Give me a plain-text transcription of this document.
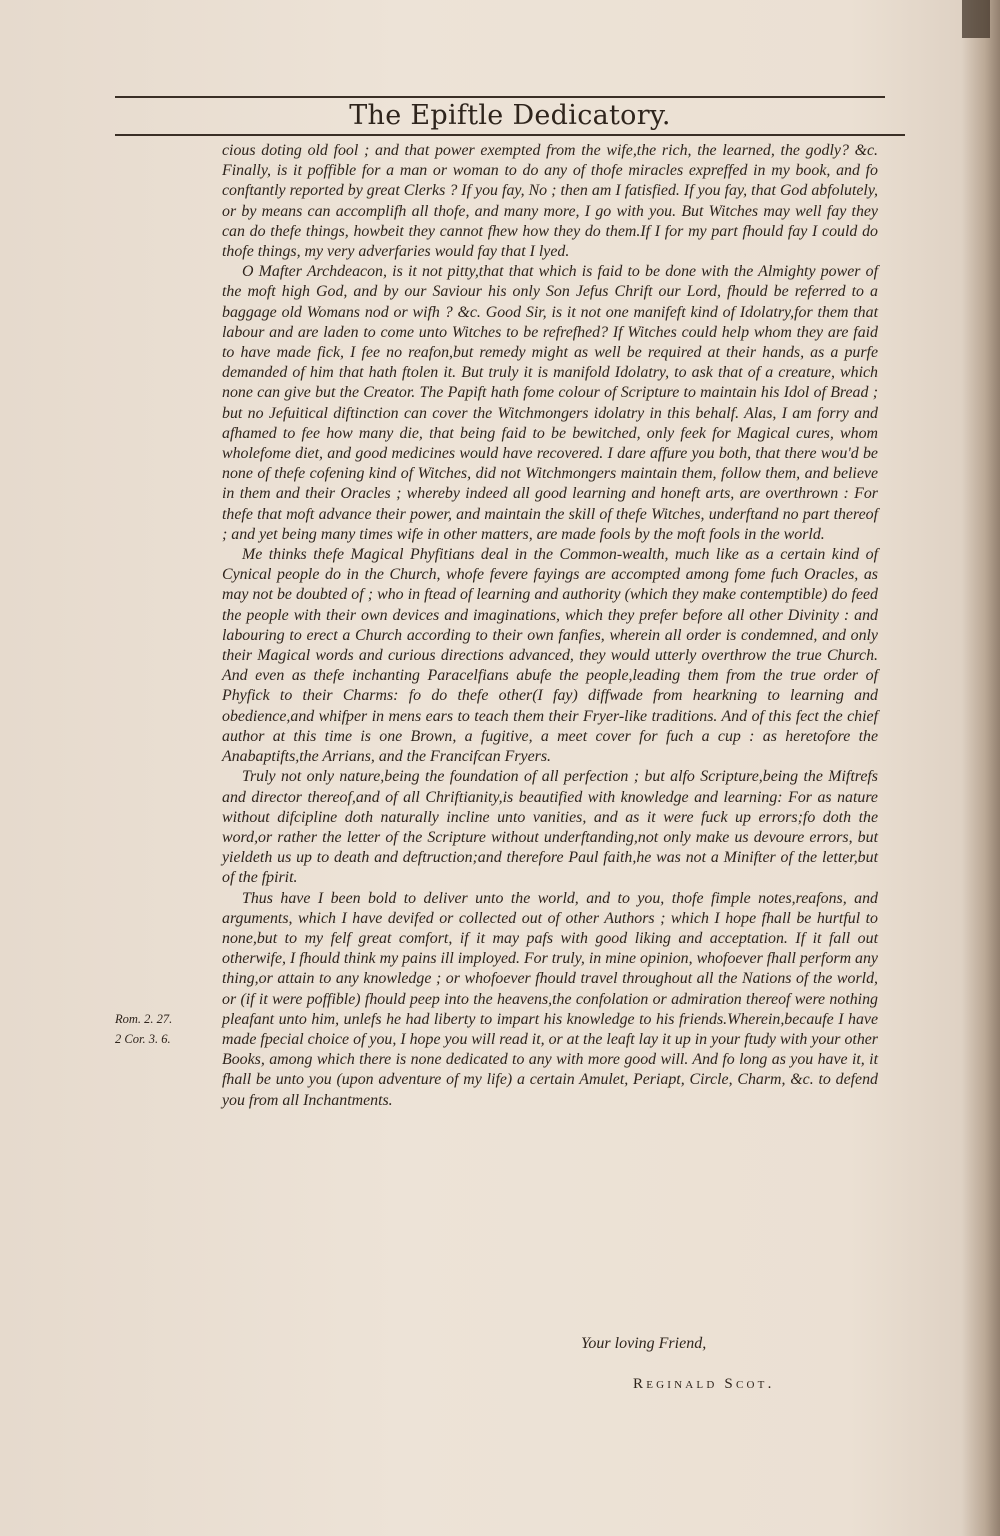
The Epiftle Dedicatory.
Rom. 2. 27.
2 Cor. 3. 6.

cious doting old fool ; and that power exempted from the wife,the rich, the learned, the godly? &c. Finally, is it poffible for a man or woman to do any of thofe miracles expreffed in my book, and fo conftantly reported by great Clerks ? If you fay, No ; then am I fatisfied. If you fay, that God abfolutely, or by means can accomplifh all thofe, and many more, I go with you. But Witches may well fay they can do thefe things, howbeit they cannot fhew how they do them.If I for my part fhould fay I could do thofe things, my very adverfaries would fay that I lyed.

O Mafter Archdeacon, is it not pitty,that that which is faid to be done with the Almighty power of the moft high God, and by our Saviour his only Son Jefus Chrift our Lord, fhould be referred to a baggage old Womans nod or wifh ? &c. Good Sir, is it not one manifeft kind of Idolatry,for them that labour and are laden to come unto Witches to be refrefhed? If Witches could help whom they are faid to have made fick, I fee no reafon,but remedy might as well be required at their hands, as a purfe demanded of him that hath ftolen it. But truly it is manifold Idolatry, to ask that of a creature, which none can give but the Creator. The Papift hath fome colour of Scripture to maintain his Idol of Bread ; but no Jefuitical diftinction can cover the Witchmongers idolatry in this behalf. Alas, I am forry and afhamed to fee how many die, that being faid to be bewitched, only feek for Magical cures, whom wholefome diet, and good medicines would have recovered. I dare affure you both, that there wou'd be none of thefe cofening kind of Witches, did not Witchmongers maintain them, follow them, and believe in them and their Oracles ; whereby indeed all good learning and honeft arts, are overthrown : For thefe that moft advance their power, and maintain the skill of thefe Witches, underftand no part thereof ; and yet being many times wife in other matters, are made fools by the moft fools in the world.

Me thinks thefe Magical Phyfitians deal in the Common-wealth, much like as a certain kind of Cynical people do in the Church, whofe fevere fayings are accompted among fome fuch Oracles, as may not be doubted of ; who in ftead of learning and authority (which they make contemptible) do feed the people with their own devices and imaginations, which they prefer before all other Divinity : and labouring to erect a Church according to their own fanfies, wherein all order is condemned, and only their Magical words and curious directions advanced, they would utterly overthrow the true Church. And even as thefe inchanting Paracelfians abufe the people,leading them from the true order of Phyfick to their Charms: fo do thefe other(I fay) diffwade from hearkning to learning and obedience,and whifper in mens ears to teach them their Fryer-like traditions. And of this fect the chief author at this time is one Brown, a fugitive, a meet cover for fuch a cup : as heretofore the Anabaptifts,the Arrians, and the Francifcan Fryers.

Truly not only nature,being the foundation of all perfection ; but alfo Scripture,being the Miftrefs and director thereof,and of all Chriftianity,is beautified with knowledge and learning: For as nature without difcipline doth naturally incline unto vanities, and as it were fuck up errors;fo doth the word,or rather the letter of the Scripture without underftanding,not only make us devoure errors, but yieldeth us up to death and deftruction;and therefore Paul faith,he was not a Minifter of the letter,but of the fpirit.

Thus have I been bold to deliver unto the world, and to you, thofe fimple notes,reafons, and arguments, which I have devifed or collected out of other Authors ; which I hope fhall be hurtful to none,but to my felf great comfort, if it may pafs with good liking and acceptation. If it fall out otherwife, I fhould think my pains ill imployed. For truly, in mine opinion, whofoever fhall perform any thing,or attain to any knowledge ; or whofoever fhould travel throughout all the Nations of the world, or (if it were poffible) fhould peep into the heavens,the confolation or admiration thereof were nothing pleafant unto him, unlefs he had liberty to impart his knowledge to his friends.Wherein,becaufe I have made fpecial choice of you, I hope you will read it, or at the leaft lay it up in your ftudy with your other Books, among which there is none dedicated to any with more good will. And fo long as you have it, it fhall be unto you (upon adventure of my life) a certain Amulet, Periapt, Circle, Charm, &c. to defend you from all Inchantments.

Your loving Friend,
Reginald Scot.
